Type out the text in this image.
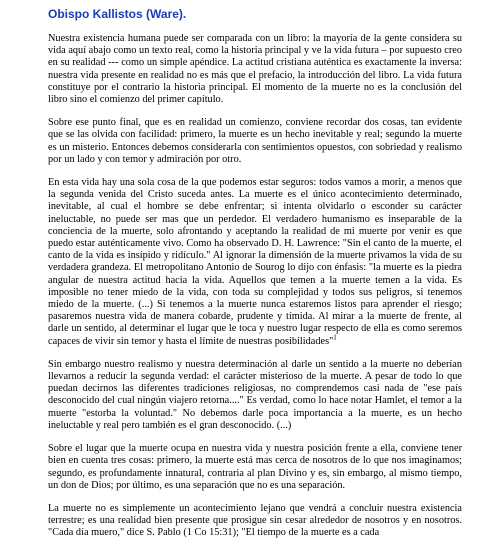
Obispo Kallistos (Ware).

Nuestra existencia humana puede ser comparada con un libro: la mayoría de la gente considera su vida aquí abajo como un texto real, como la historia principal y ve la vida futura – por supuesto creo en su realidad --- como un simple apéndice. La actitud cristiana auténtica es exactamente la inversa: nuestra vida presente en realidad no es más que el prefacio, la introducción del libro. La vida futura constituye por el contrario la historia principal. El momento de la muerte no es la conclusión del libro sino el comienzo del primer capítulo.

Sobre ese punto final, que es en realidad un comienzo, conviene recordar dos cosas, tan evidente que se las olvida con facilidad: primero, la muerte es un hecho inevitable y real; segundo la muerte es un misterio. Entonces debemos considerarla con sentimientos opuestos, con sobriedad y realismo por un lado y con temor y admiración por otro.

En esta vida hay una sola cosa de la que podemos estar seguros: todos vamos a morir, a menos que la segunda venida del Cristo suceda antes. La muerte es el único acontecimiento determinado, inevitable, al cual el hombre se debe enfrentar; si intenta olvidarlo o esconder su carácter ineluctable, no puede ser mas que un perdedor. El verdadero humanismo es inseparable de la conciencia de la muerte, solo afrontando y aceptando la realidad de mi muerte por venir es que puedo estar auténticamente vivo. Como ha observado D. H. Lawrence: "Sin el canto de la muerte, el canto de la vida es insípido y ridículo." Al ignorar la dimensión de la muerte privamos la vida de su verdadera grandeza. El metropolitano Antonio de Sourog lo dijo con énfasis: "la muerte es la piedra angular de nuestra actitud hacia la vida. Aquellos que temen a la muerte temen a la vida. Es imposible no tener miedo de la vida, con toda su complejidad y todos sus peligros, si tenemos miedo de la muerte. (...) Si tenemos a la muerte nunca estaremos listos para aprender el riesgo; pasaremos nuestra vida de manera cobarde, prudente y tímida. Al mirar a la muerte de frente, al darle un sentido, al determinar el lugar que le toca y nuestro lugar respecto de ella es como seremos capaces de vivir sin temor y hasta el límite de nuestras posibilidades"$^1$

Sin embargo nuestro realismo y nuestra determinación al darle un sentido a la muerte no deberían llevarnos a reducir la segunda verdad: el carácter misterioso de la muerte. A pesar de todo lo que puedan decirnos las diferentes tradiciones religiosas, no comprendemos casi nada de "ese país desconocido del cual ningún viajero retorna...." Es verdad, como lo hace notar Hamlet, el temor a la muerte "estorba la voluntad." No debemos darle poca importancia a la muerte, es un hecho ineluctable y real pero también es el gran desconocido. (...)

Sobre el lugar que la muerte ocupa en nuestra vida y nuestra posición frente a ella, conviene tener bien en cuenta tres cosas: primero, la muerte está mas cerca de nosotros de lo que nos imaginamos; segundo, es profundamente innatural, contraria al plan Divino y es, sin embargo, al mismo tiempo, un don de Dios; por último, es una separación que no es una separación.

La muerte no es simplemente un acontecimiento lejano que vendrá a concluir nuestra existencia terrestre; es una realidad bien presente que prosigue sin cesar alrededor de nosotros y en nosotros. "Cada día muero," dice S. Pablo (1 Co 15:31); "El tiempo de la muerte es a cada
